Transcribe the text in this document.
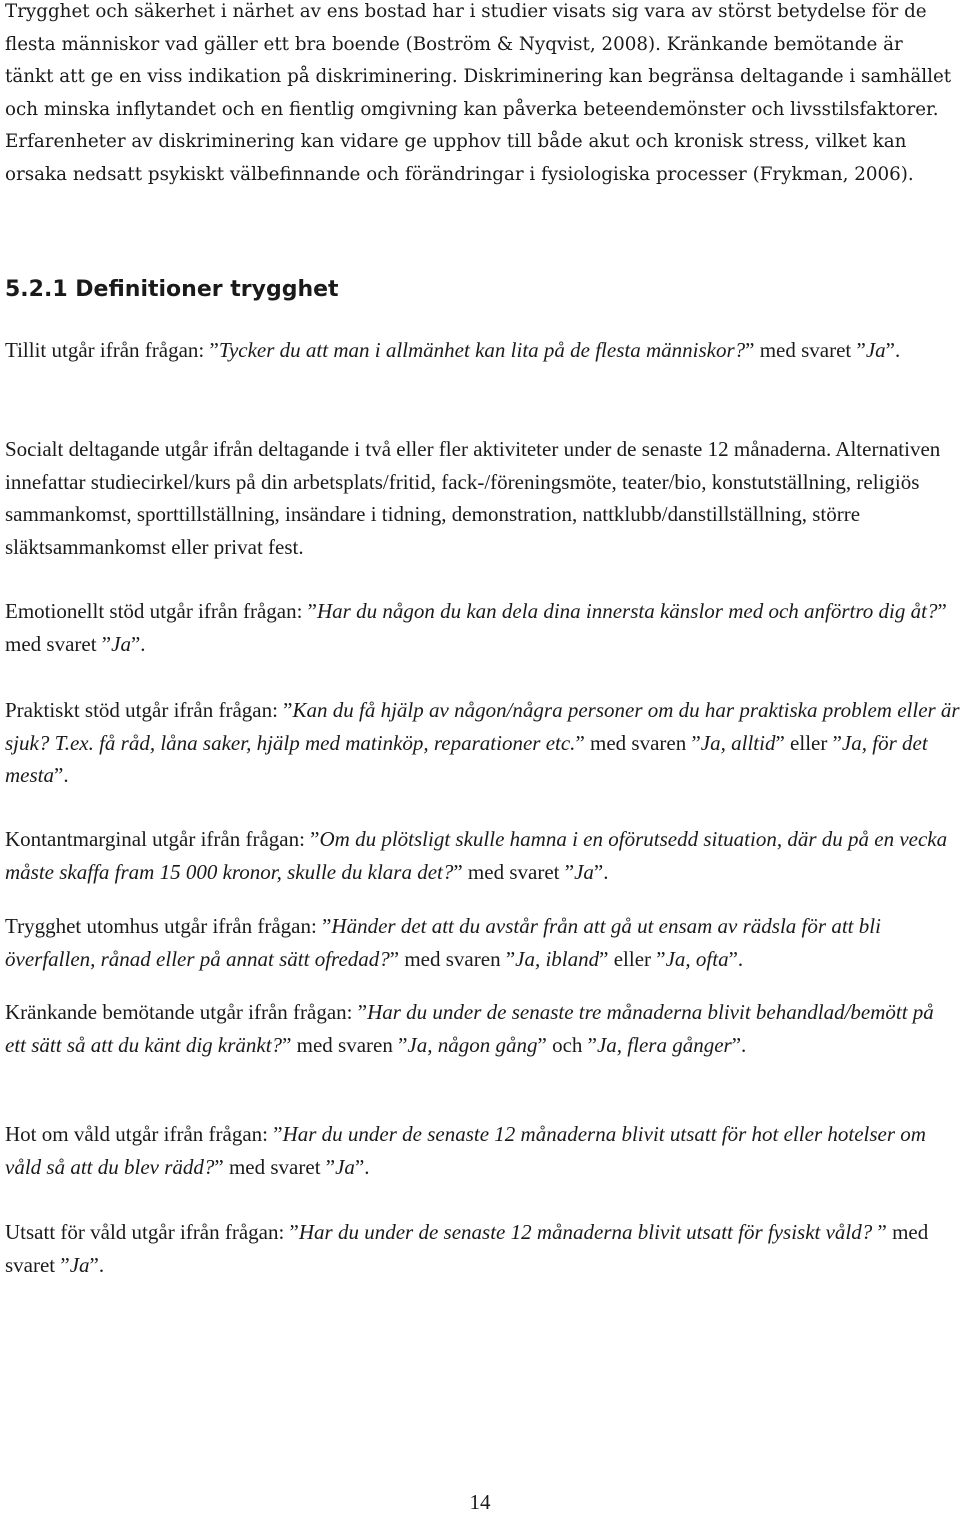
Trygghet och säkerhet i närhet av ens bostad har i studier visats sig vara av störst betydelse för de flesta människor vad gäller ett bra boende (Boström & Nyqvist, 2008). Kränkande bemötande är tänkt att ge en viss indikation på diskriminering. Diskriminering kan begränsa deltagande i samhället och minska inflytandet och en fientlig omgivning kan påverka beteendemönster och livsstilsfaktorer. Erfarenheter av diskriminering kan vidare ge upphov till både akut och kronisk stress, vilket kan orsaka nedsatt psykiskt välbefinnande och förändringar i fysiologiska processer (Frykman, 2006).

5.2.1 Definitioner trygghet

Tillit utgår ifrån frågan: ”Tycker du att man i allmänhet kan lita på de flesta människor?” med svaret ”Ja”.

Socialt deltagande utgår ifrån deltagande i två eller fler aktiviteter under de senaste 12 månaderna. Alternativen innefattar studiecirkel/kurs på din arbetsplats/fritid, fack-/föreningsmöte, teater/bio, konstutställning, religiös sammankomst, sporttillställning, insändare i tidning, demonstration, nattklubb/danstillställning, större släktsammankomst eller privat fest.

Emotionellt stöd utgår ifrån frågan: ”Har du någon du kan dela dina innersta känslor med och anförtro dig åt?” med svaret ”Ja”.

Praktiskt stöd utgår ifrån frågan: ”Kan du få hjälp av någon/några personer om du har praktiska problem eller är sjuk? T.ex. få råd, låna saker, hjälp med matinköp, reparationer etc.” med svaren ”Ja, alltid” eller ”Ja, för det mesta”.

Kontantmarginal utgår ifrån frågan: ”Om du plötsligt skulle hamna i en oförutsedd situation, där du på en vecka måste skaffa fram 15 000 kronor, skulle du klara det?” med svaret ”Ja”.

Trygghet utomhus utgår ifrån frågan: ”Händer det att du avstår från att gå ut ensam av rädsla för att bli överfallen, rånad eller på annat sätt ofredad?” med svaren ”Ja, ibland” eller ”Ja, ofta”.

Kränkande bemötande utgår ifrån frågan: ”Har du under de senaste tre månaderna blivit behandlad/bemött på ett sätt så att du känt dig kränkt?” med svaren ”Ja, någon gång” och ”Ja, flera gånger”.

Hot om våld utgår ifrån frågan: ”Har du under de senaste 12 månaderna blivit utsatt för hot eller hotelser om våld så att du blev rädd?” med svaret ”Ja”.

Utsatt för våld utgår ifrån frågan: ”Har du under de senaste 12 månaderna blivit utsatt för fysiskt våld? ” med svaret ”Ja”.

14
